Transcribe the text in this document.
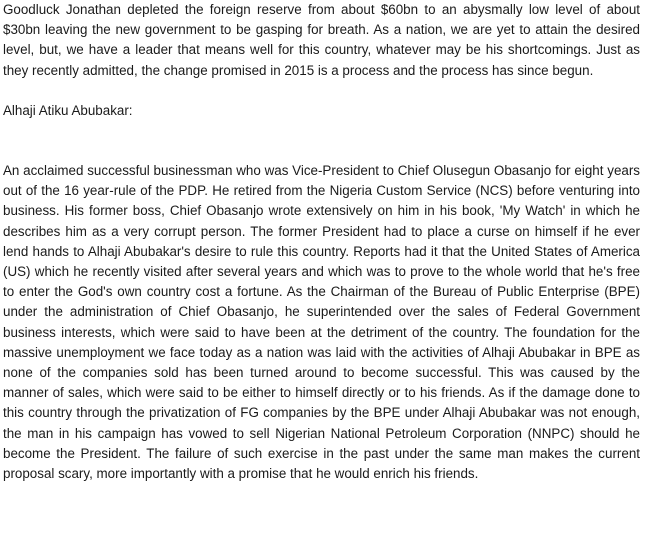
Goodluck Jonathan depleted the foreign reserve from about $60bn to an abysmally low level of about $30bn leaving the new government to be gasping for breath. As a nation, we are yet to attain the desired level, but, we have a leader that means well for this country, whatever may be his shortcomings. Just as they recently admitted, the change promised in 2015 is a process and the process has since begun.

Alhaji Atiku Abubakar:

An acclaimed successful businessman who was Vice-President to Chief Olusegun Obasanjo for eight years out of the 16 year-rule of the PDP. He retired from the Nigeria Custom Service (NCS) before venturing into business. His former boss, Chief Obasanjo wrote extensively on him in his book, 'My Watch' in which he describes him as a very corrupt person. The former President had to place a curse on himself if he ever lend hands to Alhaji Abubakar's desire to rule this country. Reports had it that the United States of America (US) which he recently visited after several years and which was to prove to the whole world that he's free to enter the God's own country cost a fortune. As the Chairman of the Bureau of Public Enterprise (BPE) under the administration of Chief Obasanjo, he superintended over the sales of Federal Government business interests, which were said to have been at the detriment of the country. The foundation for the massive unemployment we face today as a nation was laid with the activities of Alhaji Abubakar in BPE as none of the companies sold has been turned around to become successful. This was caused by the manner of sales, which were said to be either to himself directly or to his friends. As if the damage done to this country through the privatization of FG companies by the BPE under Alhaji Abubakar was not enough, the man in his campaign has vowed to sell Nigerian National Petroleum Corporation (NNPC) should he become the President. The failure of such exercise in the past under the same man makes the current proposal scary, more importantly with a promise that he would enrich his friends.
